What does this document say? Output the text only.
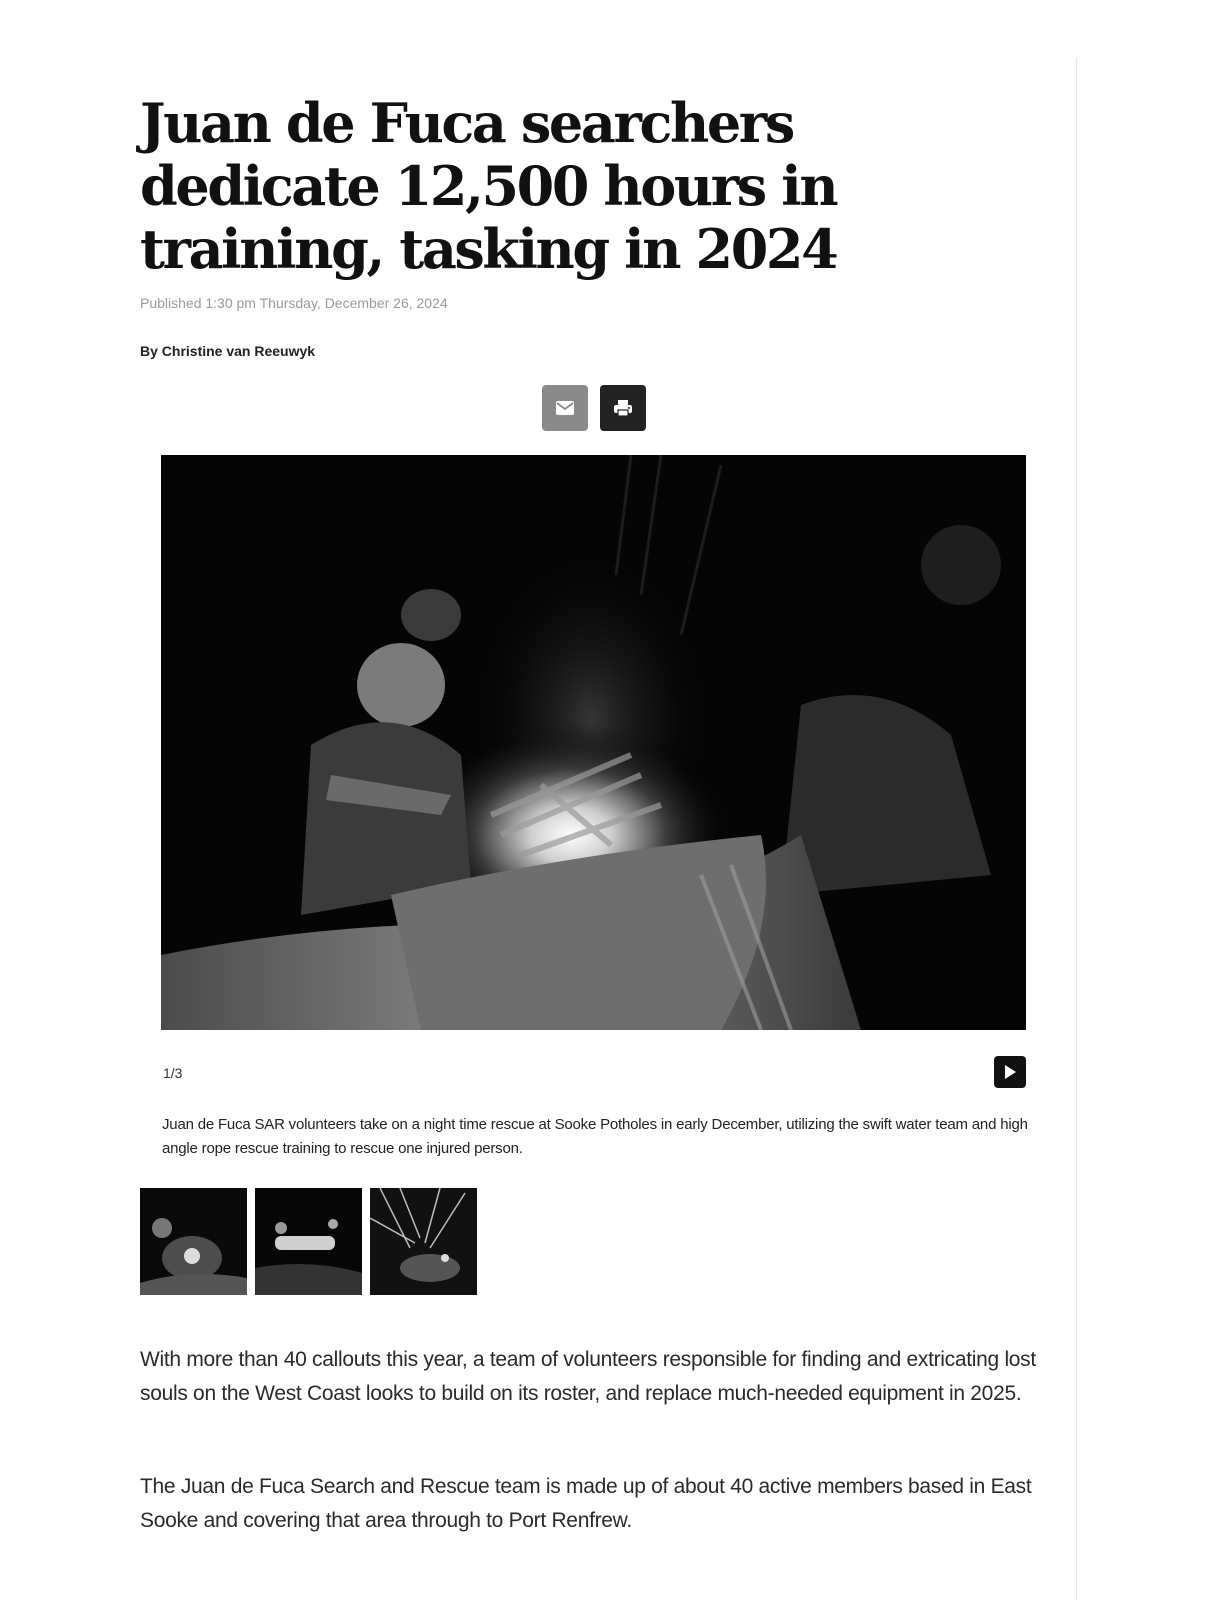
Juan de Fuca searchers dedicate 12,500 hours in training, tasking in 2024
Published 1:30 pm Thursday, December 26, 2024
By Christine van Reeuwyk
1/3
Juan de Fuca SAR volunteers take on a night time rescue at Sooke Potholes in early December, utilizing the swift water team and high angle rope rescue training to rescue one injured person.

With more than 40 callouts this year, a team of volunteers responsible for finding and extricating lost souls on the West Coast looks to build on its roster, and replace much-needed equipment in 2025.

The Juan de Fuca Search and Rescue team is made up of about 40 active members based in East Sooke and covering that area through to Port Renfrew.
